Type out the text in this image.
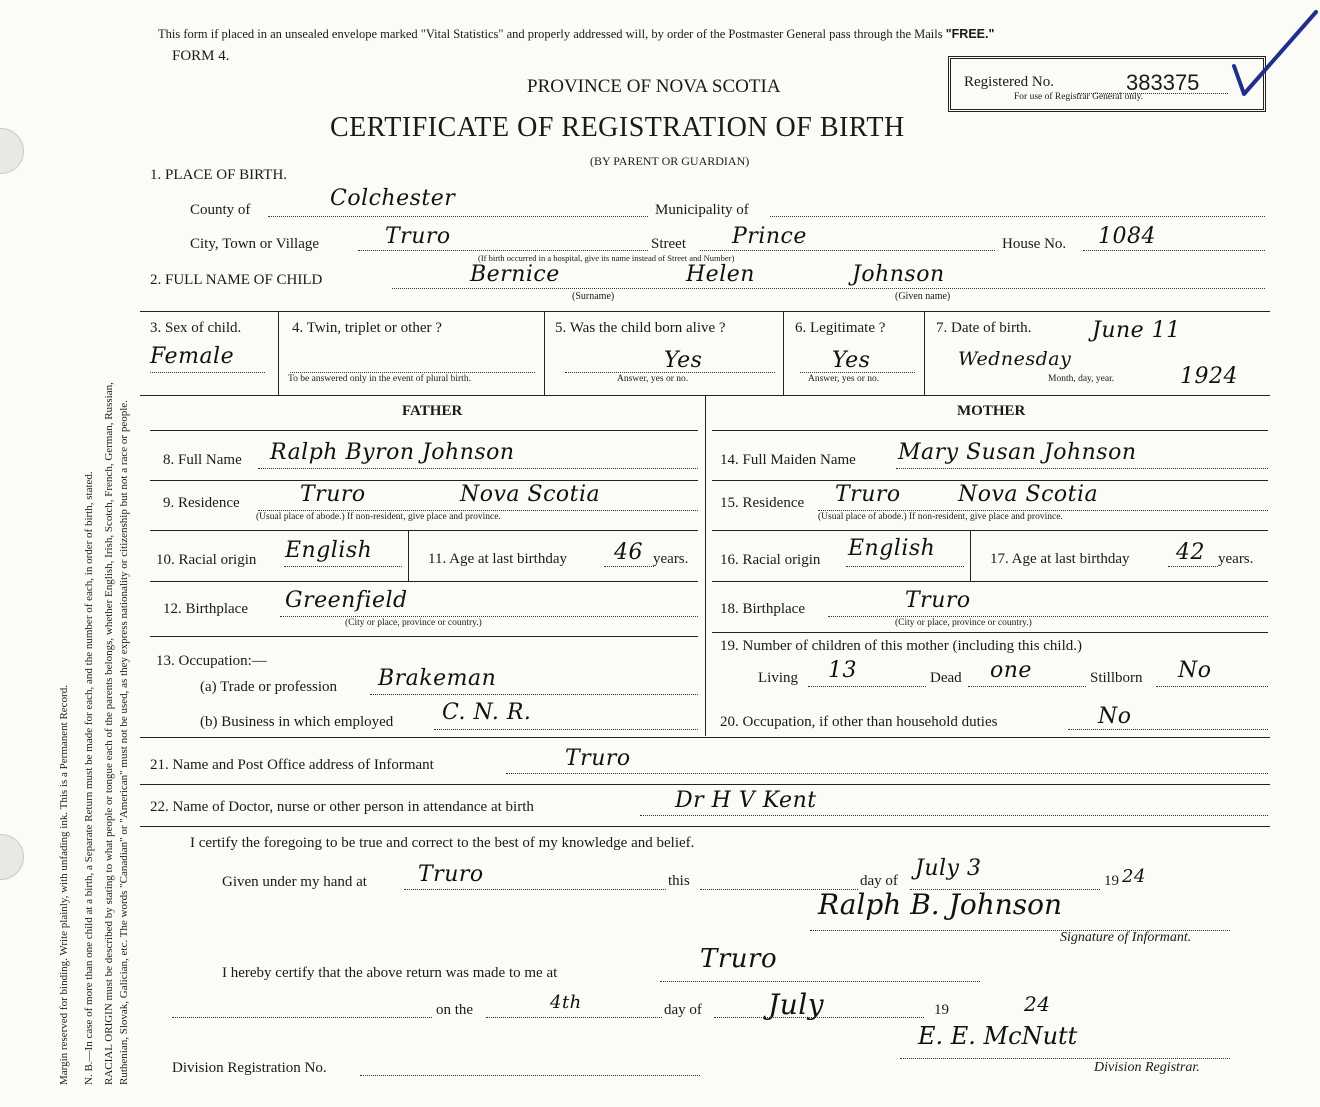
Margin reserved for binding. Write plainly, with unfading ink. This is a Permanent Record. N. B.—In case of more than one child at a birth, a Separate Return must be made for each, and the number of each, in order of birth, stated. RACIAL ORIGIN must be described by stating to what people or tongue each of the parents belongs, whether English, Irish, Scotch, French, German, Russian, Ruthenian, Slovak, Galician, etc. The words "Canadian" or "American" must not be used, as they express nationality or citizenship but not a race or people.
This form if placed in an unsealed envelope marked "Vital Statistics" and properly addressed will, by order of the Postmaster General pass through the Mails "FREE."
FORM 4.
PROVINCE OF NOVA SCOTIA
CERTIFICATE OF REGISTRATION OF BIRTH
(BY PARENT OR GUARDIAN)
Registered No.	383375
For use of Registrar General only.
1. PLACE OF BIRTH.
County of	Colchester	Municipality of
City, Town or Village	Truro
(If birth occurred in a hospital, give its name instead of Street and Number)
Street Prince	House No. 1084
2. FULL NAME OF CHILD	Bernice	Helen	Johnson
(Surname)	(Given name)
3. Sex of child.
Female
4. Twin, triplet or other ?
To be answered only in the event of plural birth.
5. Was the child born alive ?
Yes
Answer, yes or no.
6. Legitimate ?
Yes
Answer, yes or no.
7. Date of birth.	June 11
Wednesday
Month, day, year.	1924
FATHER	MOTHER
8. Full Name Ralph Byron Johnson
9. Residence	Truro	Nova Scotia
(Usual place of abode.) If non-resident, give place and province.
10. Racial origin English	11. Age at last birthday 46 years.
12. Birthplace Greenfield
(City or place, province or country.)
13. Occupation:—
(a) Trade or profession Brakeman
(b) Business in which employed C. N. R.
14. Full Maiden Name Mary Susan Johnson
15. Residence Truro	Nova Scotia
(Usual place of abode.) If non-resident, give place and province.
16. Racial origin English	17. Age at last birthday 42 years.
18. Birthplace	Truro
(City or place, province or country.)
19. Number of children of this mother (including this child.)
Living 13	Dead one	Stillborn No
20. Occupation, if other than household duties	No
21. Name and Post Office address of Informant	Truro
22. Name of Doctor, nurse or other person in attendance at birth	Dr H V Kent
I certify the foregoing to be true and correct to the best of my knowledge and belief.
Given under my hand at Truro	this	day of July 3	19 24
Ralph B. Johnson
Signature of Informant.
I hereby certify that the above return was made to me at	Truro
on the	4th	day of July	19	24
E. E. McNutt
Division Registration No.	Division Registrar.
